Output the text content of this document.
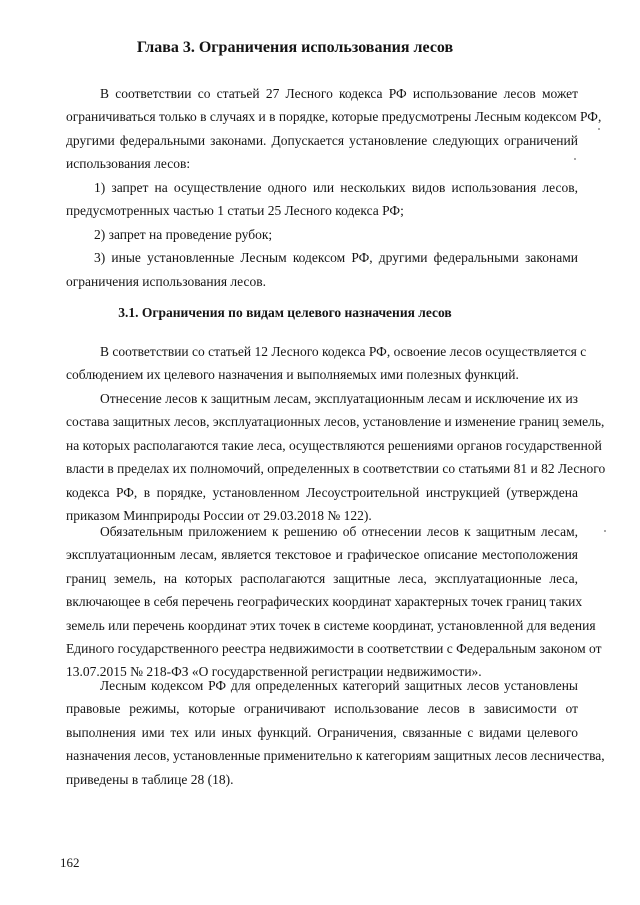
Глава 3. Ограничения использования лесов
В соответствии со статьей 27 Лесного кодекса РФ использование лесов может
ограничиваться только в случаях и в порядке, которые предусмотрены Лесным кодексом РФ,
другими федеральными законами. Допускается установление следующих ограничений
использования лесов:
1) запрет на осуществление одного или нескольких видов использования лесов,
предусмотренных частью 1 статьи 25 Лесного кодекса РФ;
2) запрет на проведение рубок;
3) иные установленные Лесным кодексом РФ, другими федеральными законами
ограничения использования лесов.
3.1. Ограничения по видам целевого назначения лесов
В соответствии со статьей 12 Лесного кодекса РФ, освоение лесов осуществляется с
соблюдением их целевого назначения и выполняемых ими полезных функций.
Отнесение лесов к защитным лесам, эксплуатационным лесам и исключение их из
состава защитных лесов, эксплуатационных лесов, установление и изменение границ земель,
на которых располагаются такие леса, осуществляются решениями органов государственной
власти в пределах их полномочий, определенных в соответствии со статьями 81 и 82 Лесного
кодекса РФ, в порядке, установленном Лесоустроительной инструкцией (утверждена
приказом Минприроды России от 29.03.2018 № 122).
Обязательным приложением к решению об отнесении лесов к защитным лесам,
эксплуатационным лесам, является текстовое и графическое описание местоположения
границ земель, на которых располагаются защитные леса, эксплуатационные леса,
включающее в себя перечень географических координат характерных точек границ таких
земель или перечень координат этих точек в системе координат, установленной для ведения
Единого государственного реестра недвижимости в соответствии с Федеральным законом от
13.07.2015 № 218-ФЗ «О государственной регистрации недвижимости».
Лесным кодексом РФ для определенных категорий защитных лесов установлены
правовые режимы, которые ограничивают использование лесов в зависимости от
выполнения ими тех или иных функций. Ограничения, связанные с видами целевого
назначения лесов, установленные применительно к категориям защитных лесов лесничества,
приведены в таблице 28 (18).
162
